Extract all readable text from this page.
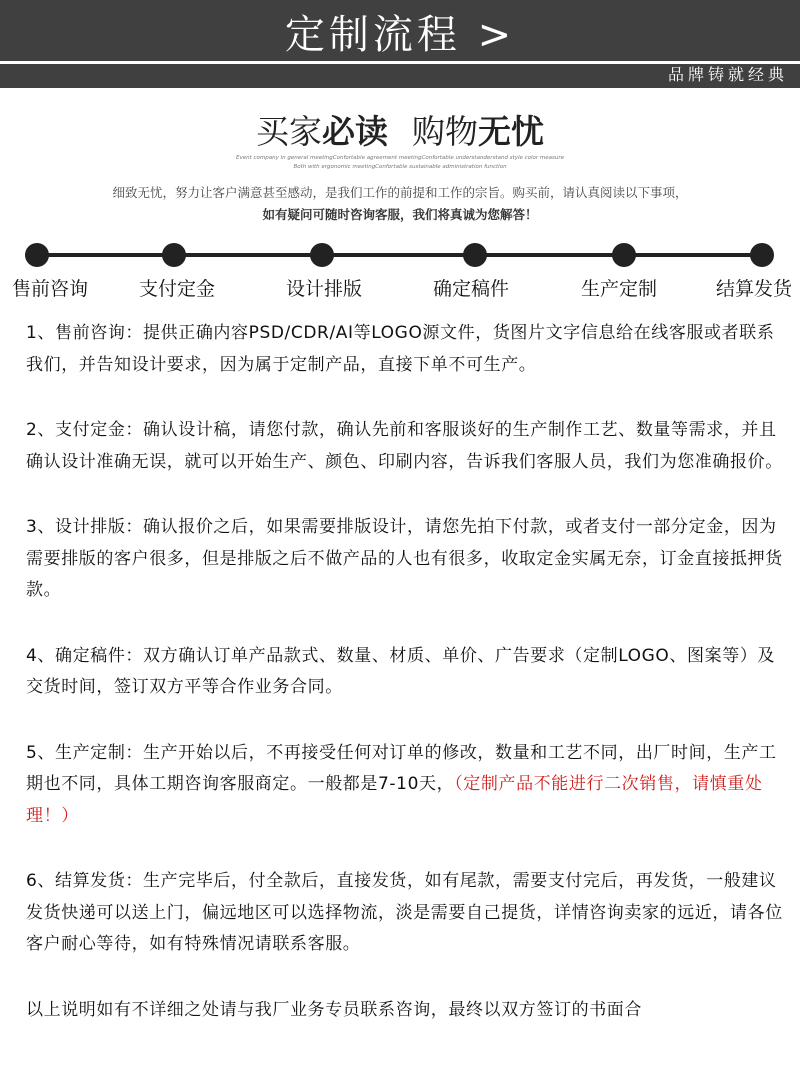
定制流程 >
品牌铸就经典
买家必读 购物无忧
Event company in general meetingConfortable agreement meetingConfortable understanderstand style color measure
Both with ergonomic meetingConfortable sustainable administration function
细致无忧，努力让客户满意甚至感动，是我们工作的前提和工作的宗旨。购买前，请认真阅读以下事项，
如有疑问可随时咨询客服，我们将真诚为您解答！
售前咨询	支付定金	设计排版	确定稿件	生产定制	结算发货

1、售前咨询：提供正确内容PSD/CDR/AI等LOGO源文件，货图片文字信息给在线客服或者联系我们，并告知设计要求，因为属于定制产品，直接下单不可生产。

2、支付定金：确认设计稿，请您付款，确认先前和客服谈好的生产制作工艺、数量等需求，并且确认设计准确无误，就可以开始生产、颜色、印刷内容，告诉我们客服人员，我们为您准确报价。

3、设计排版：确认报价之后，如果需要排版设计，请您先拍下付款，或者支付一部分定金，因为需要排版的客户很多，但是排版之后不做产品的人也有很多，收取定金实属无奈，订金直接抵押货款。

4、确定稿件：双方确认订单产品款式、数量、材质、单价、广告要求（定制LOGO、图案等）及交货时间，签订双方平等合作业务合同。

5、生产定制：生产开始以后，不再接受任何对订单的修改，数量和工艺不同，出厂时间，生产工期也不同，具体工期咨询客服商定。一般都是7-10天，（定制产品不能进行二次销售，请慎重处理！）

6、结算发货：生产完毕后，付全款后，直接发货，如有尾款，需要支付完后，再发货，一般建议发货快递可以送上门，偏远地区可以选择物流，淡是需要自己提货，详情咨询卖家的远近，请各位客户耐心等待，如有特殊情况请联系客服。

以上说明如有不详细之处请与我厂业务专员联系咨询，最终以双方签订的书面合
